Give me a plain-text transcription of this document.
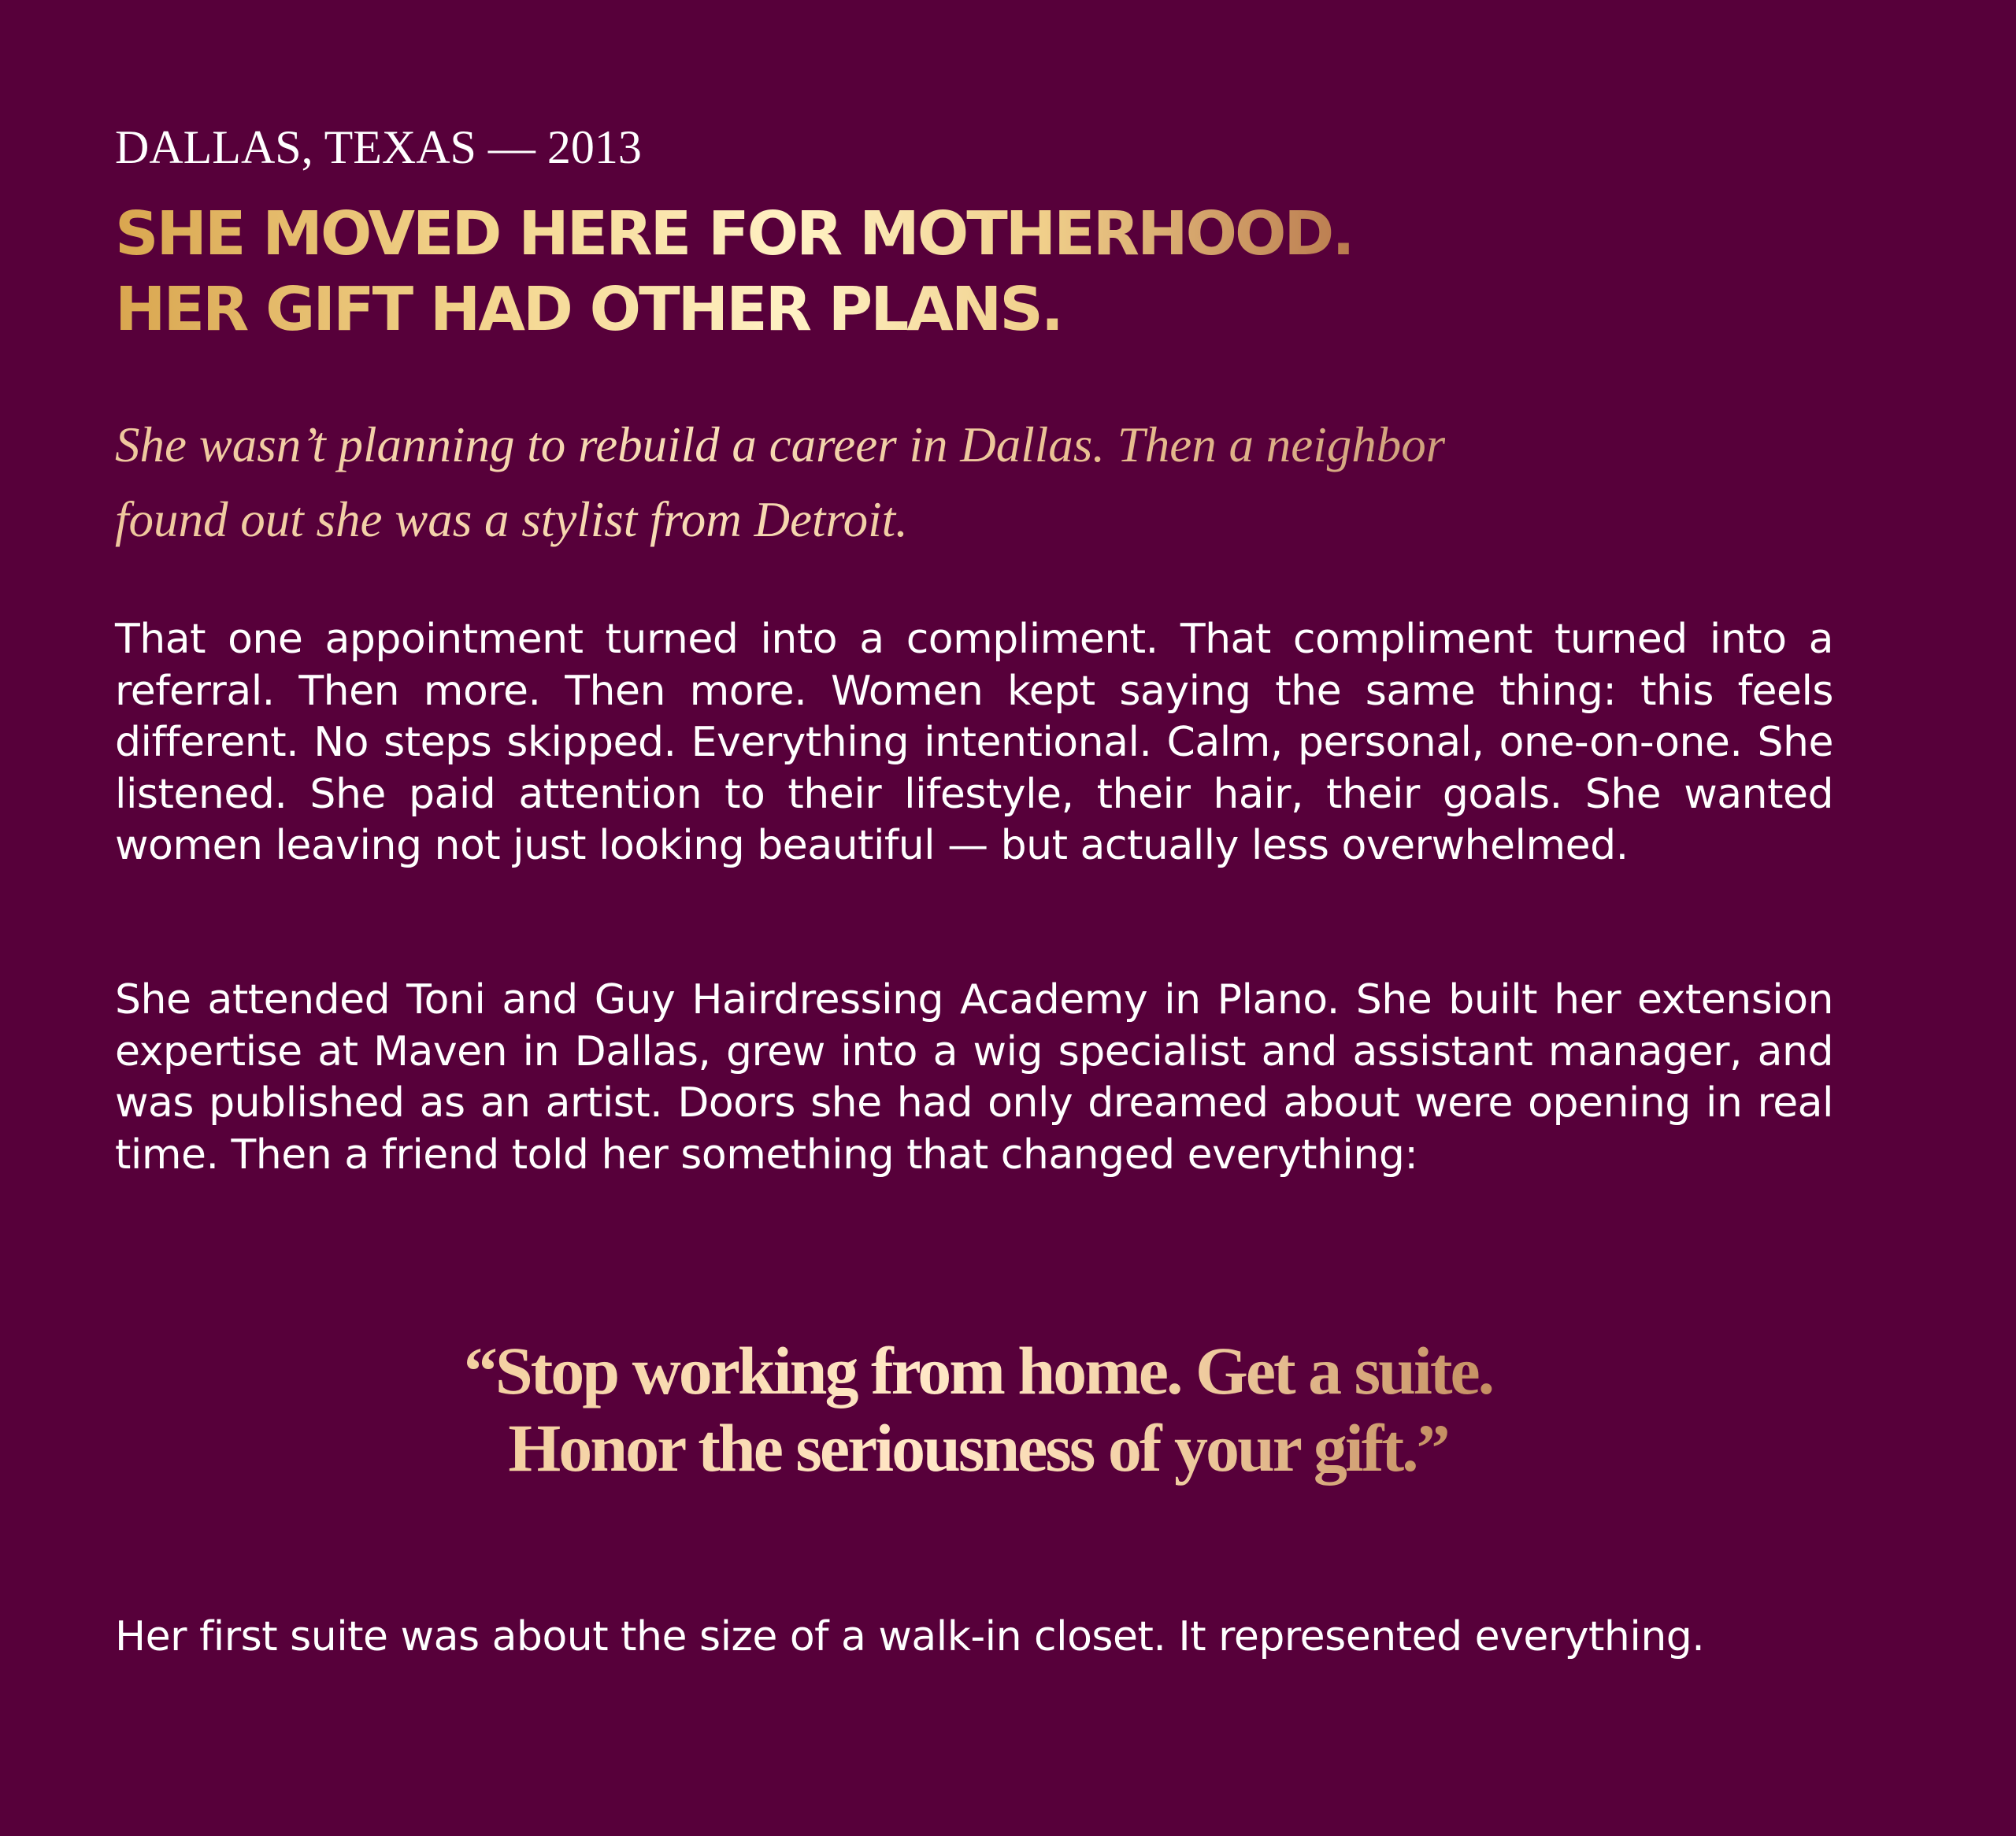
DALLAS, TEXAS — 2013

SHE MOVED HERE FOR MOTHERHOOD.
HER GIFT HAD OTHER PLANS.

She wasn’t planning to rebuild a career in Dallas. Then a neighbor
found out she was a stylist from Detroit.

That one appointment turned into a compliment. That compliment turned into a referral. Then more. Then more. Women kept saying the same thing: this feels different. No steps skipped. Everything intentional. Calm, personal, one-on-one. She listened. She paid attention to their lifestyle, their hair, their goals. She wanted women leaving not just looking beautiful — but actually less overwhelmed.

She attended Toni and Guy Hairdressing Academy in Plano. She built her extension expertise at Maven in Dallas, grew into a wig specialist and assistant manager, and was published as an artist. Doors she had only dreamed about were opening in real time. Then a friend told her something that changed everything:

“Stop working from home. Get a suite.
Honor the seriousness of your gift.”

Her first suite was about the size of a walk-in closet. It represented everything.
